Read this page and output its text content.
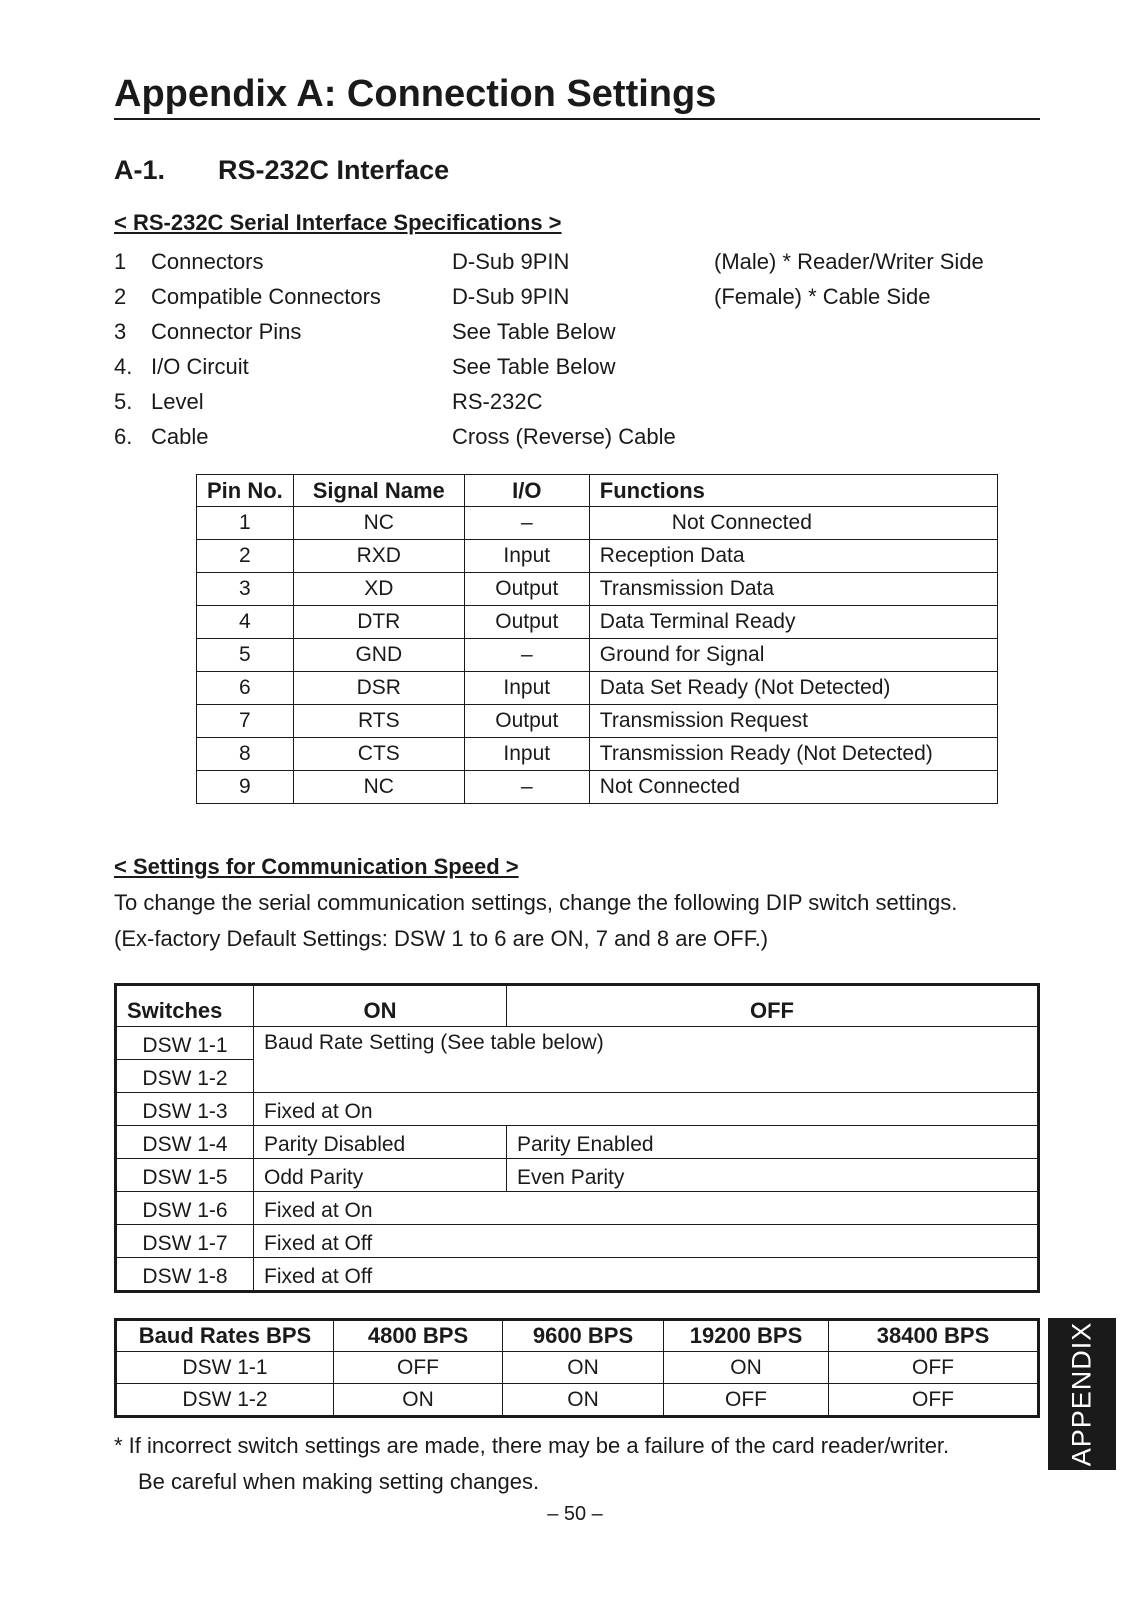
Appendix A: Connection Settings
A-1. RS-232C Interface
< RS-232C Serial Interface Specifications >
1 Connectors	D-Sub 9PIN	(Male) * Reader/Writer Side
2 Compatible Connectors	D-Sub 9PIN	(Female) * Cable Side
3 Connector Pins	See Table Below
4. I/O Circuit	See Table Below
5. Level	RS-232C
6. Cable	Cross (Reverse) Cable
Pin No.	Signal Name	I/O	Functions
1	NC	–	Not Connected
2	RXD	Input	Reception Data
3	XD	Output	Transmission Data
4	DTR	Output	Data Terminal Ready
5	GND	–	Ground for Signal
6	DSR	Input	Data Set Ready (Not Detected)
7	RTS	Output	Transmission Request
8	CTS	Input	Transmission Ready (Not Detected)
9	NC	–	Not Connected
< Settings for Communication Speed >

To change the serial communication settings, change the following DIP switch settings.

(Ex-factory Default Settings: DSW 1 to 6 are ON, 7 and 8 are OFF.)

Switches	ON	OFF
DSW 1-1	Baud Rate Setting (See table below)	
DSW 1-2		
DSW 1-3	Fixed at On	
DSW 1-4	Parity Disabled	Parity Enabled
DSW 1-5	Odd Parity	Even Parity
DSW 1-6	Fixed at On	
DSW 1-7	Fixed at Off	
DSW 1-8	Fixed at Off	
Baud Rates BPS	4800 BPS	9600 BPS	19200 BPS	38400 BPS
DSW 1-1	OFF	ON	ON	OFF
DSW 1-2	ON	ON	OFF	OFF

* If incorrect switch settings are made, there may be a failure of the card reader/writer.
Be careful when making setting changes.

– 50 –
APPENDIX
